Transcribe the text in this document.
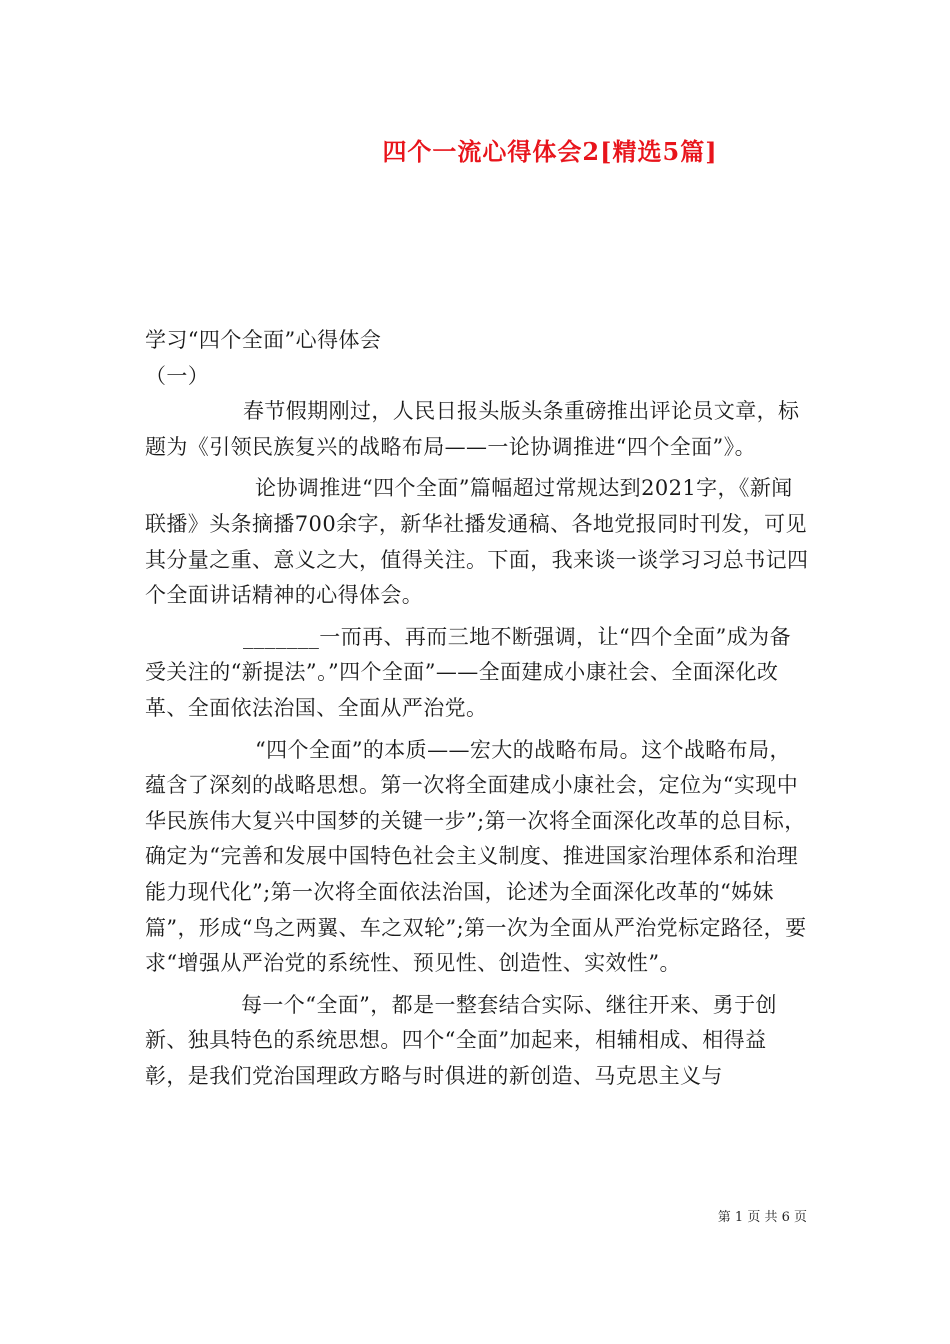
四个一流心得体会2[精选5篇]

学习“四个全面”心得体会

（一）

春节假期刚过，人民日报头版头条重磅推出评论员文章，标题为《引领民族复兴的战略布局——一论协调推进“四个全面”》。

论协调推进“四个全面”篇幅超过常规达到2021字，《新闻联播》头条摘播700余字，新华社播发通稿、各地党报同时刊发，可见其分量之重、意义之大，值得关注。下面，我来谈一谈学习习总书记四个全面讲话精神的心得体会。

_______一而再、再而三地不断强调，让“四个全面”成为备受关注的“新提法”。”四个全面”——全面建成小康社会、全面深化改革、全面依法治国、全面从严治党。

“四个全面”的本质——宏大的战略布局。这个战略布局，蕴含了深刻的战略思想。第一次将全面建成小康社会，定位为“实现中华民族伟大复兴中国梦的关键一步”;第一次将全面深化改革的总目标，确定为“完善和发展中国特色社会主义制度、推进国家治理体系和治理能力现代化”;第一次将全面依法治国，论述为全面深化改革的“姊妹篇”，形成“鸟之两翼、车之双轮”;第一次为全面从严治党标定路径，要求“增强从严治党的系统性、预见性、创造性、实效性”。

每一个“全面”，都是一整套结合实际、继往开来、勇于创新、独具特色的系统思想。四个“全面”加起来，相辅相成、相得益彰，是我们党治国理政方略与时俱进的新创造、马克思主义与

第 1 页 共 6 页
